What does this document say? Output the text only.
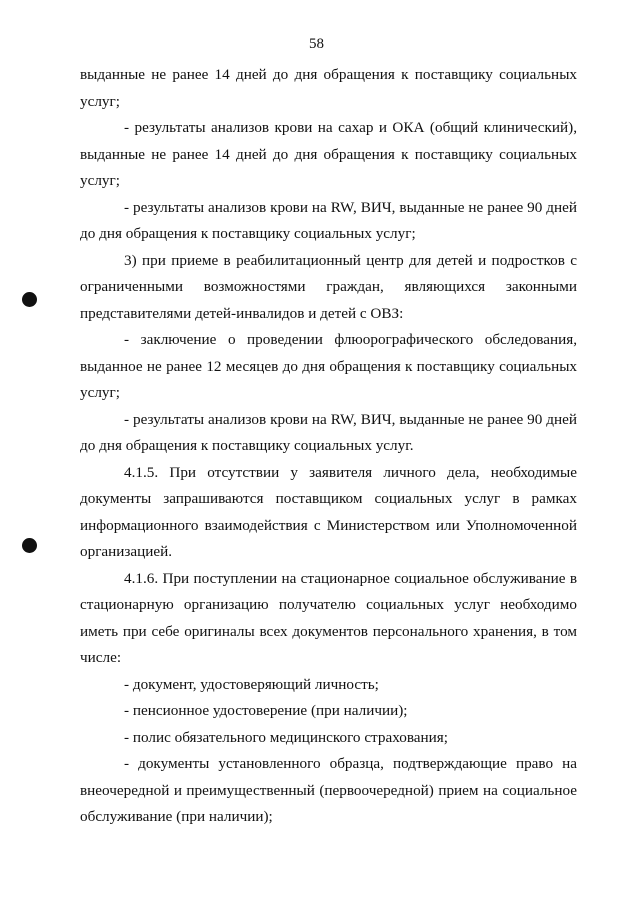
58

выданные не ранее 14 дней до дня обращения к поставщику социальных услуг;

- результаты анализов крови на сахар и ОКА (общий клинический), выданные не ранее 14 дней до дня обращения к поставщику социальных услуг;

- результаты анализов крови на RW, ВИЧ, выданные не ранее 90 дней до дня обращения к поставщику социальных услуг;

3) при приеме в реабилитационный центр для детей и подростков с ограниченными возможностями граждан, являющихся законными представителями детей-инвалидов и детей с ОВЗ:

- заключение о проведении флюорографического обследования, выданное не ранее 12 месяцев до дня обращения к поставщику социальных услуг;

- результаты анализов крови на RW, ВИЧ, выданные не ранее 90 дней до дня обращения к поставщику социальных услуг.

4.1.5. При отсутствии у заявителя личного дела, необходимые документы запрашиваются поставщиком социальных услуг в рамках информационного взаимодействия с Министерством или Уполномоченной организацией.

4.1.6. При поступлении на стационарное социальное обслуживание в стационарную организацию получателю социальных услуг необходимо иметь при себе оригиналы всех документов персонального хранения, в том числе:

- документ, удостоверяющий личность;

- пенсионное удостоверение (при наличии);

- полис обязательного медицинского страхования;

- документы установленного образца, подтверждающие право на внеочередной и преимущественный (первоочередной) прием на социальное обслуживание (при наличии);
